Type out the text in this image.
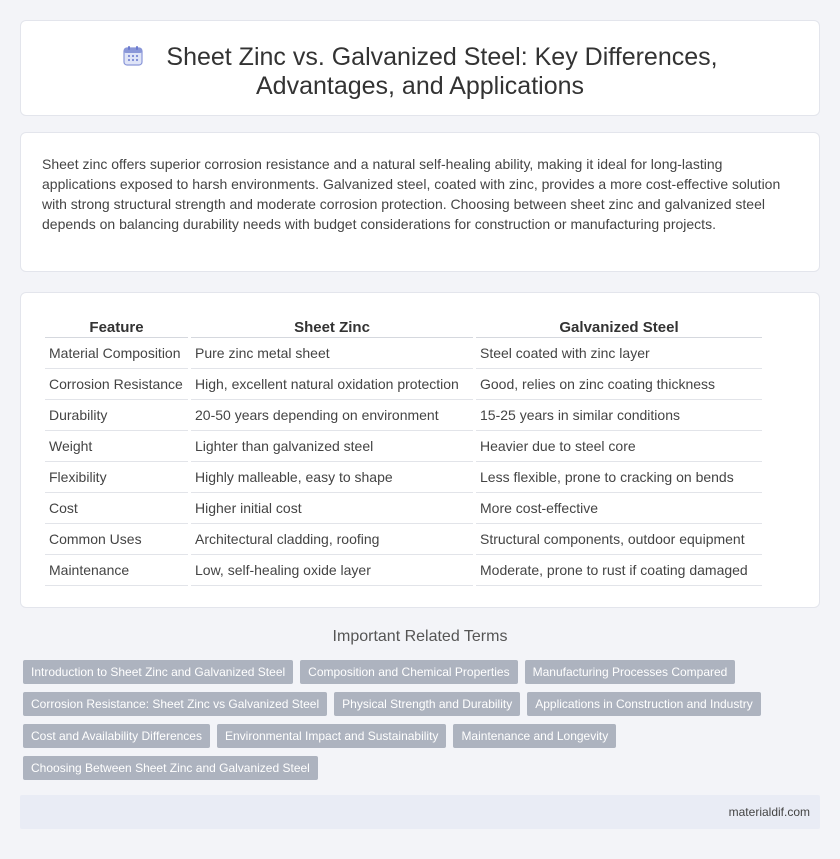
Sheet Zinc vs. Galvanized Steel: Key Differences, Advantages, and Applications

Sheet zinc offers superior corrosion resistance and a natural self-healing ability, making it ideal for long-lasting applications exposed to harsh environments. Galvanized steel, coated with zinc, provides a more cost-effective solution with strong structural strength and moderate corrosion protection. Choosing between sheet zinc and galvanized steel depends on balancing durability needs with budget considerations for construction or manufacturing projects.

Feature	Sheet Zinc	Galvanized Steel
Material Composition	Pure zinc metal sheet	Steel coated with zinc layer
Corrosion Resistance	High, excellent natural oxidation protection	Good, relies on zinc coating thickness
Durability	20-50 years depending on environment	15-25 years in similar conditions
Weight	Lighter than galvanized steel	Heavier due to steel core
Flexibility	Highly malleable, easy to shape	Less flexible, prone to cracking on bends
Cost	Higher initial cost	More cost-effective
Common Uses	Architectural cladding, roofing	Structural components, outdoor equipment
Maintenance	Low, self-healing oxide layer	Moderate, prone to rust if coating damaged
Important Related Terms
Introduction to Sheet Zinc and Galvanized Steel	Composition and Chemical Properties	Manufacturing Processes Compared
Corrosion Resistance: Sheet Zinc vs Galvanized Steel	Physical Strength and Durability	Applications in Construction and Industry
Cost and Availability Differences	Environmental Impact and Sustainability	Maintenance and Longevity
Choosing Between Sheet Zinc and Galvanized Steel
materialdif.com
